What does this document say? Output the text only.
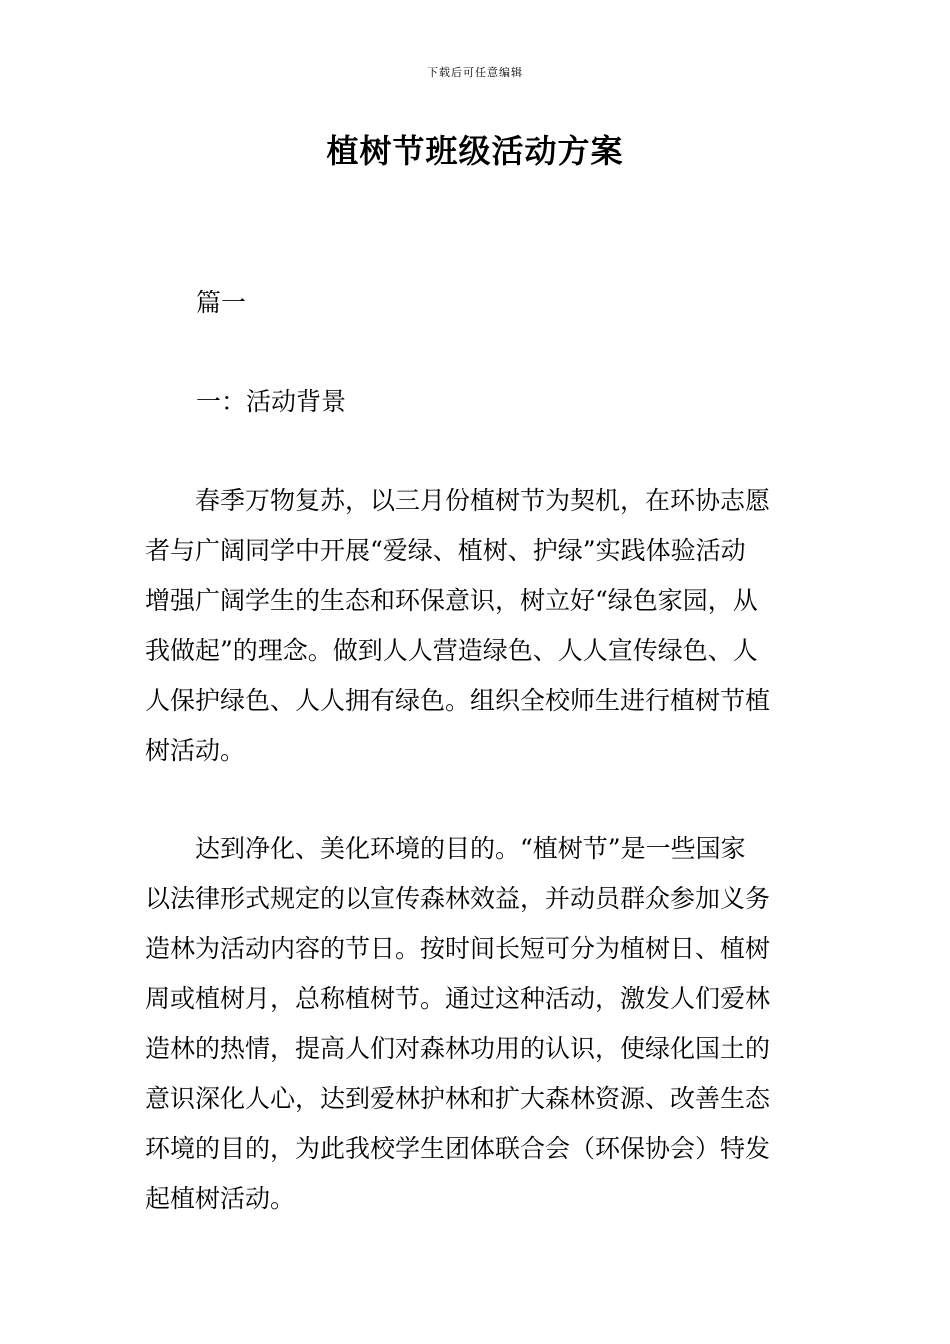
下载后可任意编辑
植树节班级活动方案
篇一
一：活动背景

　　春季万物复苏，以三月份植树节为契机，在环协志愿
者与广阔同学中开展“爱绿、植树、护绿”实践体验活动
增强广阔学生的生态和环保意识，树立好“绿色家园，从
我做起”的理念。做到人人营造绿色、人人宣传绿色、人
人保护绿色、人人拥有绿色。组织全校师生进行植树节植
树活动。

　　达到净化、美化环境的目的。“植树节”是一些国家
以法律形式规定的以宣传森林效益，并动员群众参加义务
造林为活动内容的节日。按时间长短可分为植树日、植树
周或植树月，总称植树节。通过这种活动，激发人们爱林
造林的热情，提高人们对森林功用的认识，使绿化国土的
意识深化人心，达到爱林护林和扩大森林资源、改善生态
环境的目的，为此我校学生团体联合会（环保协会）特发
起植树活动。
